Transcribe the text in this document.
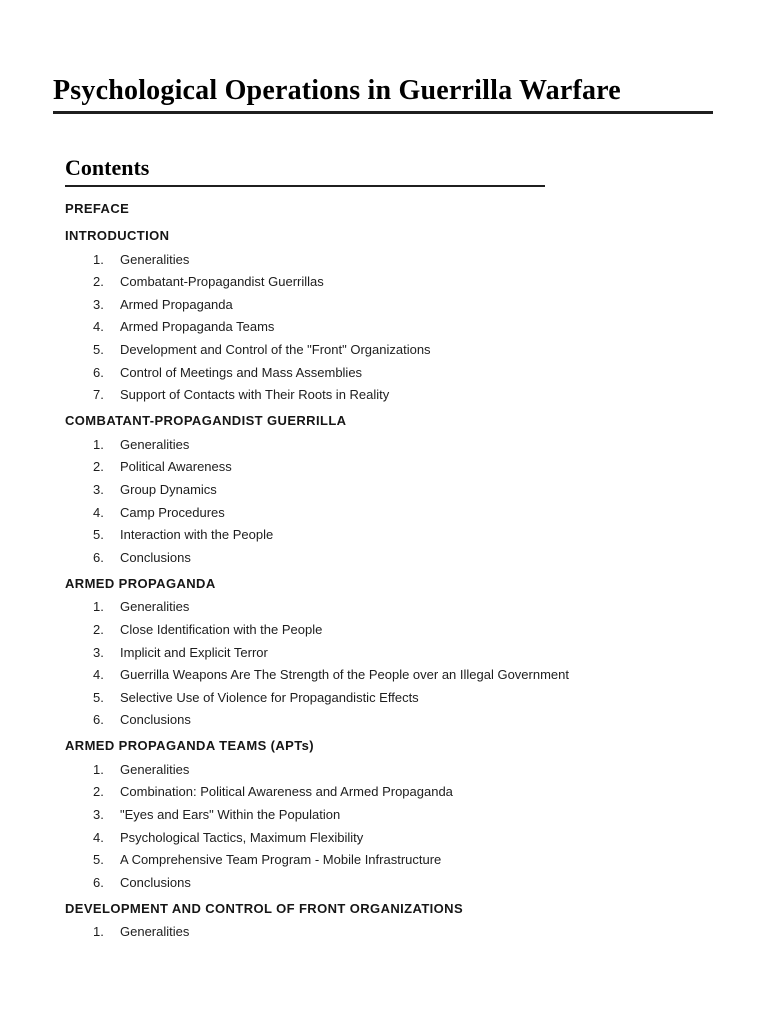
Psychological Operations in Guerrilla Warfare
Contents
PREFACE
INTRODUCTION
1. Generalities
2. Combatant-Propagandist Guerrillas
3. Armed Propaganda
4. Armed Propaganda Teams
5. Development and Control of the "Front" Organizations
6. Control of Meetings and Mass Assemblies
7. Support of Contacts with Their Roots in Reality
COMBATANT-PROPAGANDIST GUERRILLA
1. Generalities
2. Political Awareness
3. Group Dynamics
4. Camp Procedures
5. Interaction with the People
6. Conclusions
ARMED PROPAGANDA
1. Generalities
2. Close Identification with the People
3. Implicit and Explicit Terror
4. Guerrilla Weapons Are The Strength of the People over an Illegal Government
5. Selective Use of Violence for Propagandistic Effects
6. Conclusions
ARMED PROPAGANDA TEAMS (APTs)
1. Generalities
2. Combination: Political Awareness and Armed Propaganda
3. "Eyes and Ears" Within the Population
4. Psychological Tactics, Maximum Flexibility
5. A Comprehensive Team Program - Mobile Infrastructure
6. Conclusions
DEVELOPMENT AND CONTROL OF FRONT ORGANIZATIONS
1. Generalities
